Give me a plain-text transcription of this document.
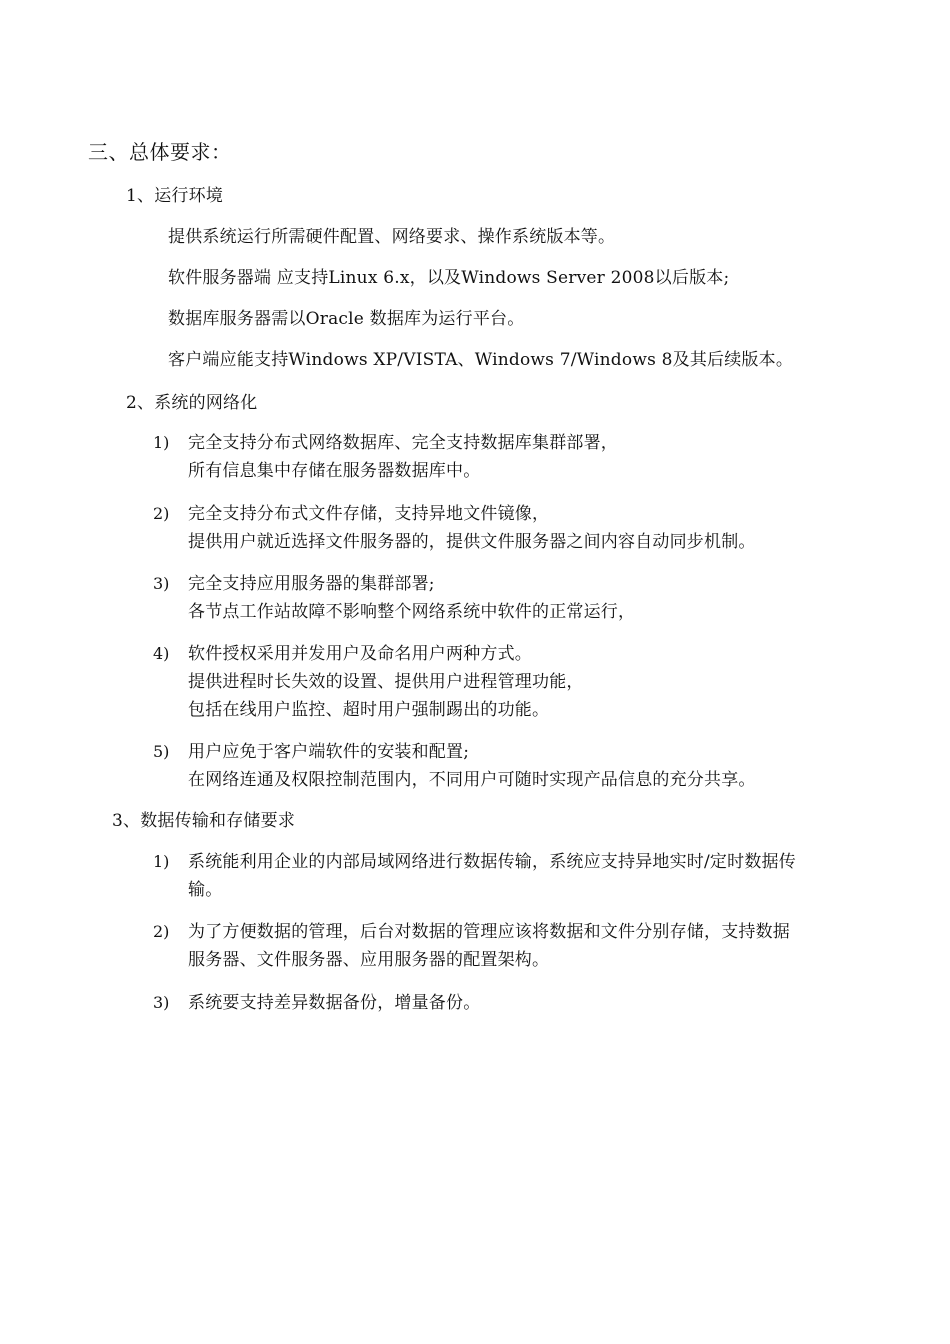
三、总体要求：
1、运行环境
提供系统运行所需硬件配置、网络要求、操作系统版本等。
软件服务器端 应支持Linux 6.x，以及Windows Server 2008以后版本;
数据库服务器需以Oracle 数据库为运行平台。
客户端应能支持Windows XP/VISTA、Windows 7/Windows 8及其后续版本。
2、系统的网络化
1) 完全支持分布式网络数据库、完全支持数据库集群部署，
所有信息集中存储在服务器数据库中。
2) 完全支持分布式文件存储，支持异地文件镜像，
提供用户就近选择文件服务器的，提供文件服务器之间内容自动同步机制。
3) 完全支持应用服务器的集群部署;
各节点工作站故障不影响整个网络系统中软件的正常运行，
4) 软件授权采用并发用户及命名用户两种方式。
提供进程时长失效的设置、提供用户进程管理功能，
包括在线用户监控、超时用户强制踢出的功能。
5) 用户应免于客户端软件的安装和配置;
在网络连通及权限控制范围内，不同用户可随时实现产品信息的充分共享。
3、数据传输和存储要求
1) 系统能利用企业的内部局域网络进行数据传输，系统应支持异地实时/定时数据传
输。
2) 为了方便数据的管理，后台对数据的管理应该将数据和文件分别存储，支持数据
服务器、文件服务器、应用服务器的配置架构。
3) 系统要支持差异数据备份，增量备份。
